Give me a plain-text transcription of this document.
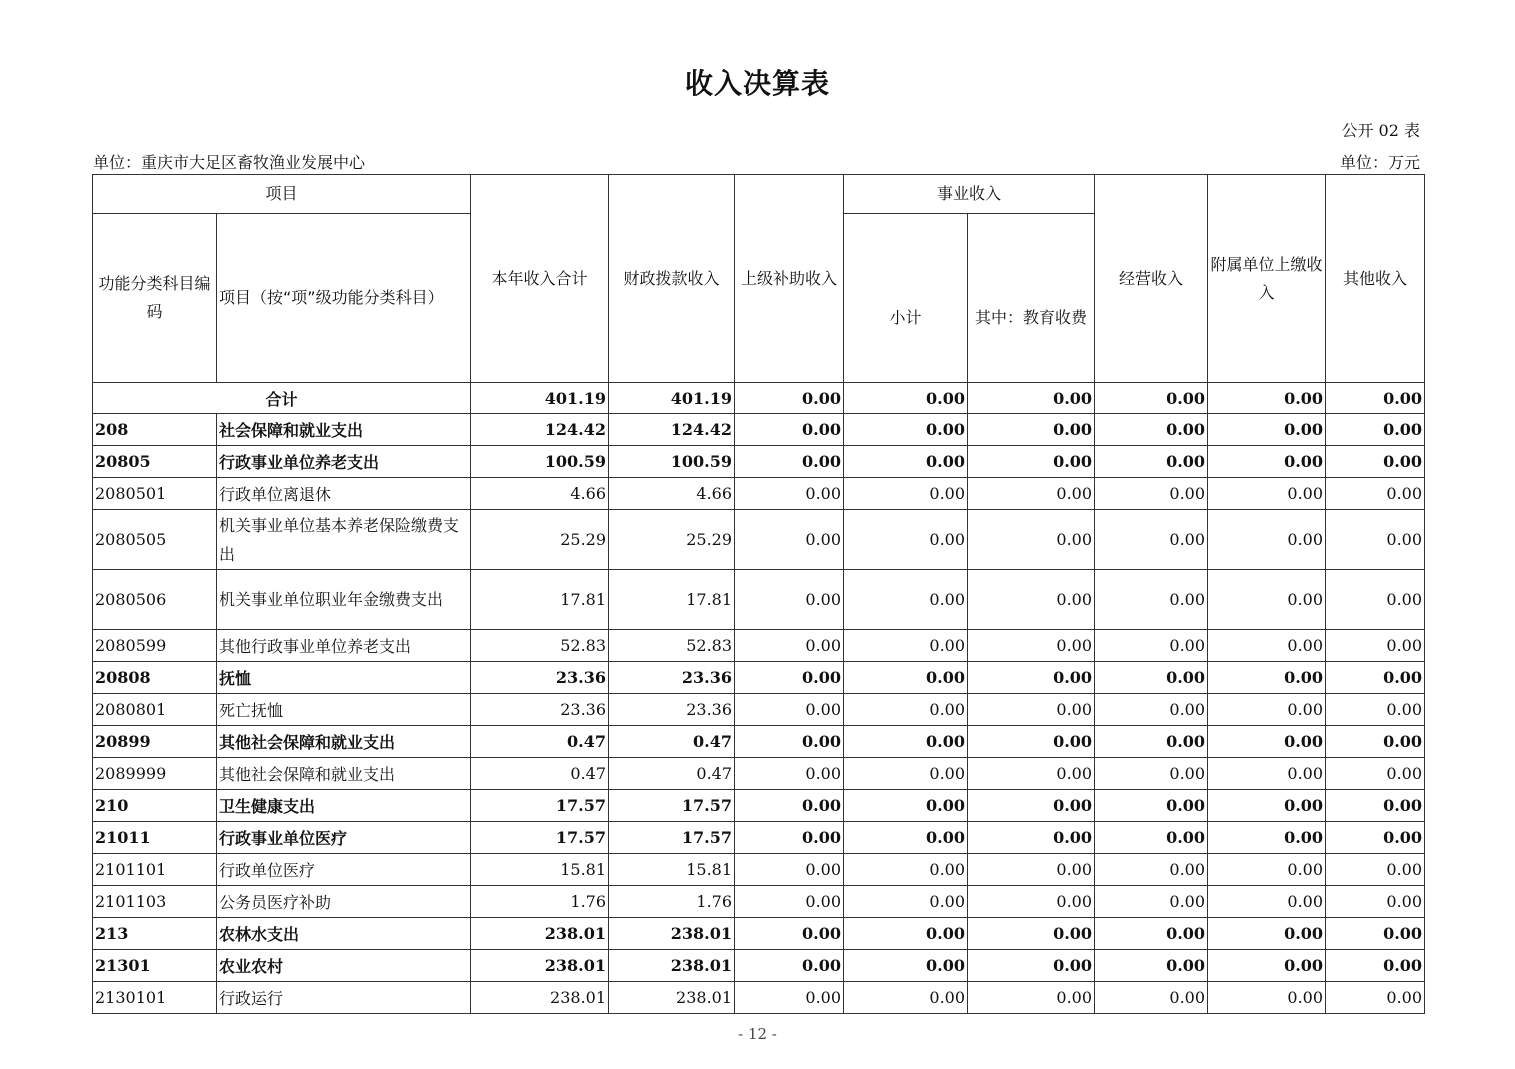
收入决算表
公开 02 表
单位：重庆市大足区畜牧渔业发展中心	单位：万元
项目		本年收入合计	财政拨款收入	上级补助收入	事业收入		经营收入	附属单位上缴收入	其他收入
功能分类科目编码	项目（按“项”级功能分类科目）				小计	其中：教育收费			
合计		401.19	401.19	0.00	0.00	0.00	0.00	0.00	0.00
208	社会保障和就业支出	124.42	124.42	0.00	0.00	0.00	0.00	0.00	0.00
20805	行政事业单位养老支出	100.59	100.59	0.00	0.00	0.00	0.00	0.00	0.00
2080501	行政单位离退休	4.66	4.66	0.00	0.00	0.00	0.00	0.00	0.00
2080505	机关事业单位基本养老保险缴费支出	25.29	25.29	0.00	0.00	0.00	0.00	0.00	0.00
2080506	机关事业单位职业年金缴费支出	17.81	17.81	0.00	0.00	0.00	0.00	0.00	0.00
2080599	其他行政事业单位养老支出	52.83	52.83	0.00	0.00	0.00	0.00	0.00	0.00
20808	抚恤	23.36	23.36	0.00	0.00	0.00	0.00	0.00	0.00
2080801	死亡抚恤	23.36	23.36	0.00	0.00	0.00	0.00	0.00	0.00
20899	其他社会保障和就业支出	0.47	0.47	0.00	0.00	0.00	0.00	0.00	0.00
2089999	其他社会保障和就业支出	0.47	0.47	0.00	0.00	0.00	0.00	0.00	0.00
210	卫生健康支出	17.57	17.57	0.00	0.00	0.00	0.00	0.00	0.00
21011	行政事业单位医疗	17.57	17.57	0.00	0.00	0.00	0.00	0.00	0.00
2101101	行政单位医疗	15.81	15.81	0.00	0.00	0.00	0.00	0.00	0.00
2101103	公务员医疗补助	1.76	1.76	0.00	0.00	0.00	0.00	0.00	0.00
213	农林水支出	238.01	238.01	0.00	0.00	0.00	0.00	0.00	0.00
21301	农业农村	238.01	238.01	0.00	0.00	0.00	0.00	0.00	0.00
2130101	行政运行	238.01	238.01	0.00	0.00	0.00	0.00	0.00	0.00
- 12 -
